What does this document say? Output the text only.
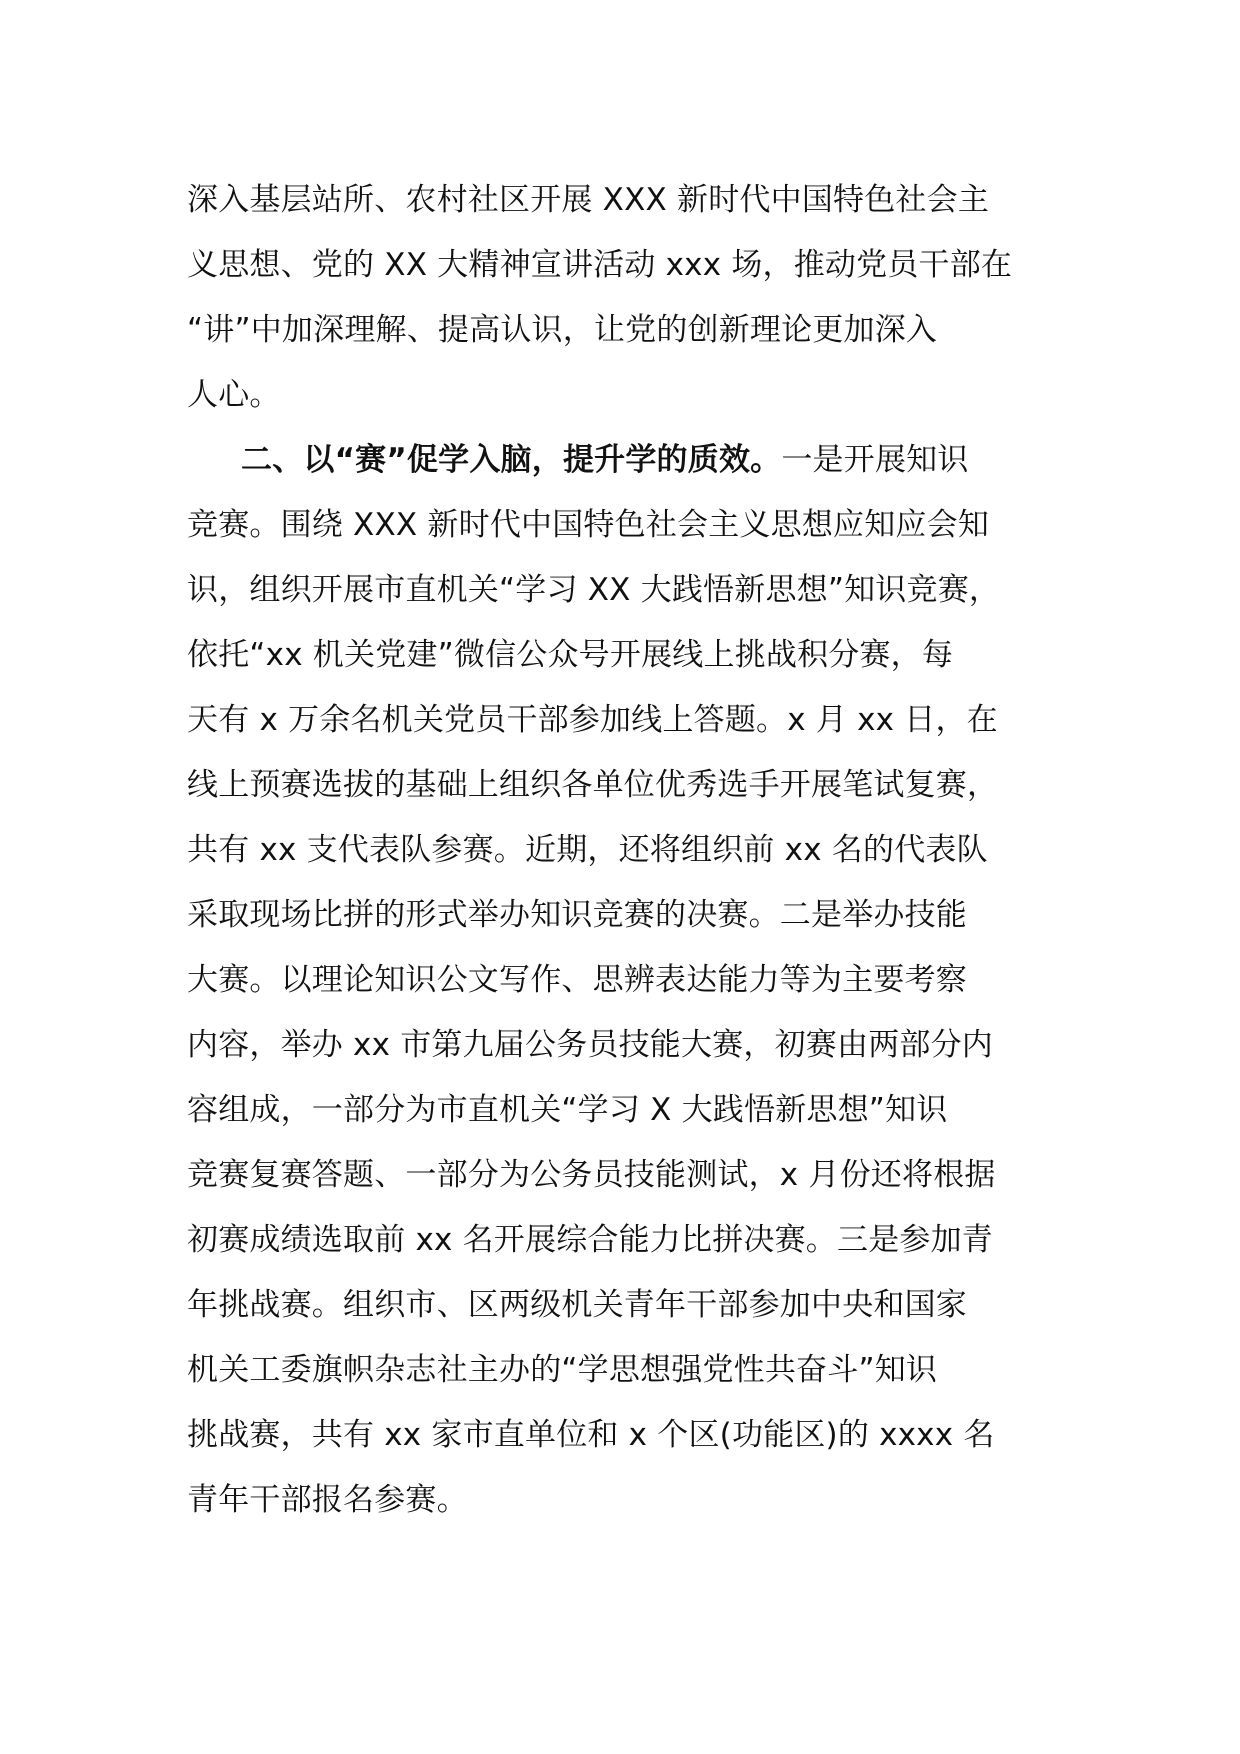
深入基层站所、农村社区开展 XXX 新时代中国特色社会主
义思想、党的 XX 大精神宣讲活动 xxx 场，推动党员干部在
“讲”中加深理解、提高认识，让党的创新理论更加深入
人心。
二、以“赛”促学入脑，提升学的质效。一是开展知识
竞赛。围绕 XXX 新时代中国特色社会主义思想应知应会知
识，组织开展市直机关“学习 XX 大践悟新思想”知识竞赛，
依托“xx 机关党建”微信公众号开展线上挑战积分赛，每
天有 x 万余名机关党员干部参加线上答题。x 月 xx 日，在
线上预赛选拔的基础上组织各单位优秀选手开展笔试复赛，
共有 xx 支代表队参赛。近期，还将组织前 xx 名的代表队
采取现场比拼的形式举办知识竞赛的决赛。二是举办技能
大赛。以理论知识公文写作、思辨表达能力等为主要考察
内容，举办 xx 市第九届公务员技能大赛，初赛由两部分内
容组成，一部分为市直机关“学习 X 大践悟新思想”知识
竞赛复赛答题、一部分为公务员技能测试，x 月份还将根据
初赛成绩选取前 xx 名开展综合能力比拼决赛。三是参加青
年挑战赛。组织市、区两级机关青年干部参加中央和国家
机关工委旗帜杂志社主办的“学思想强党性共奋斗”知识
挑战赛，共有 xx 家市直单位和 x 个区(功能区)的 xxxx 名
青年干部报名参赛。
